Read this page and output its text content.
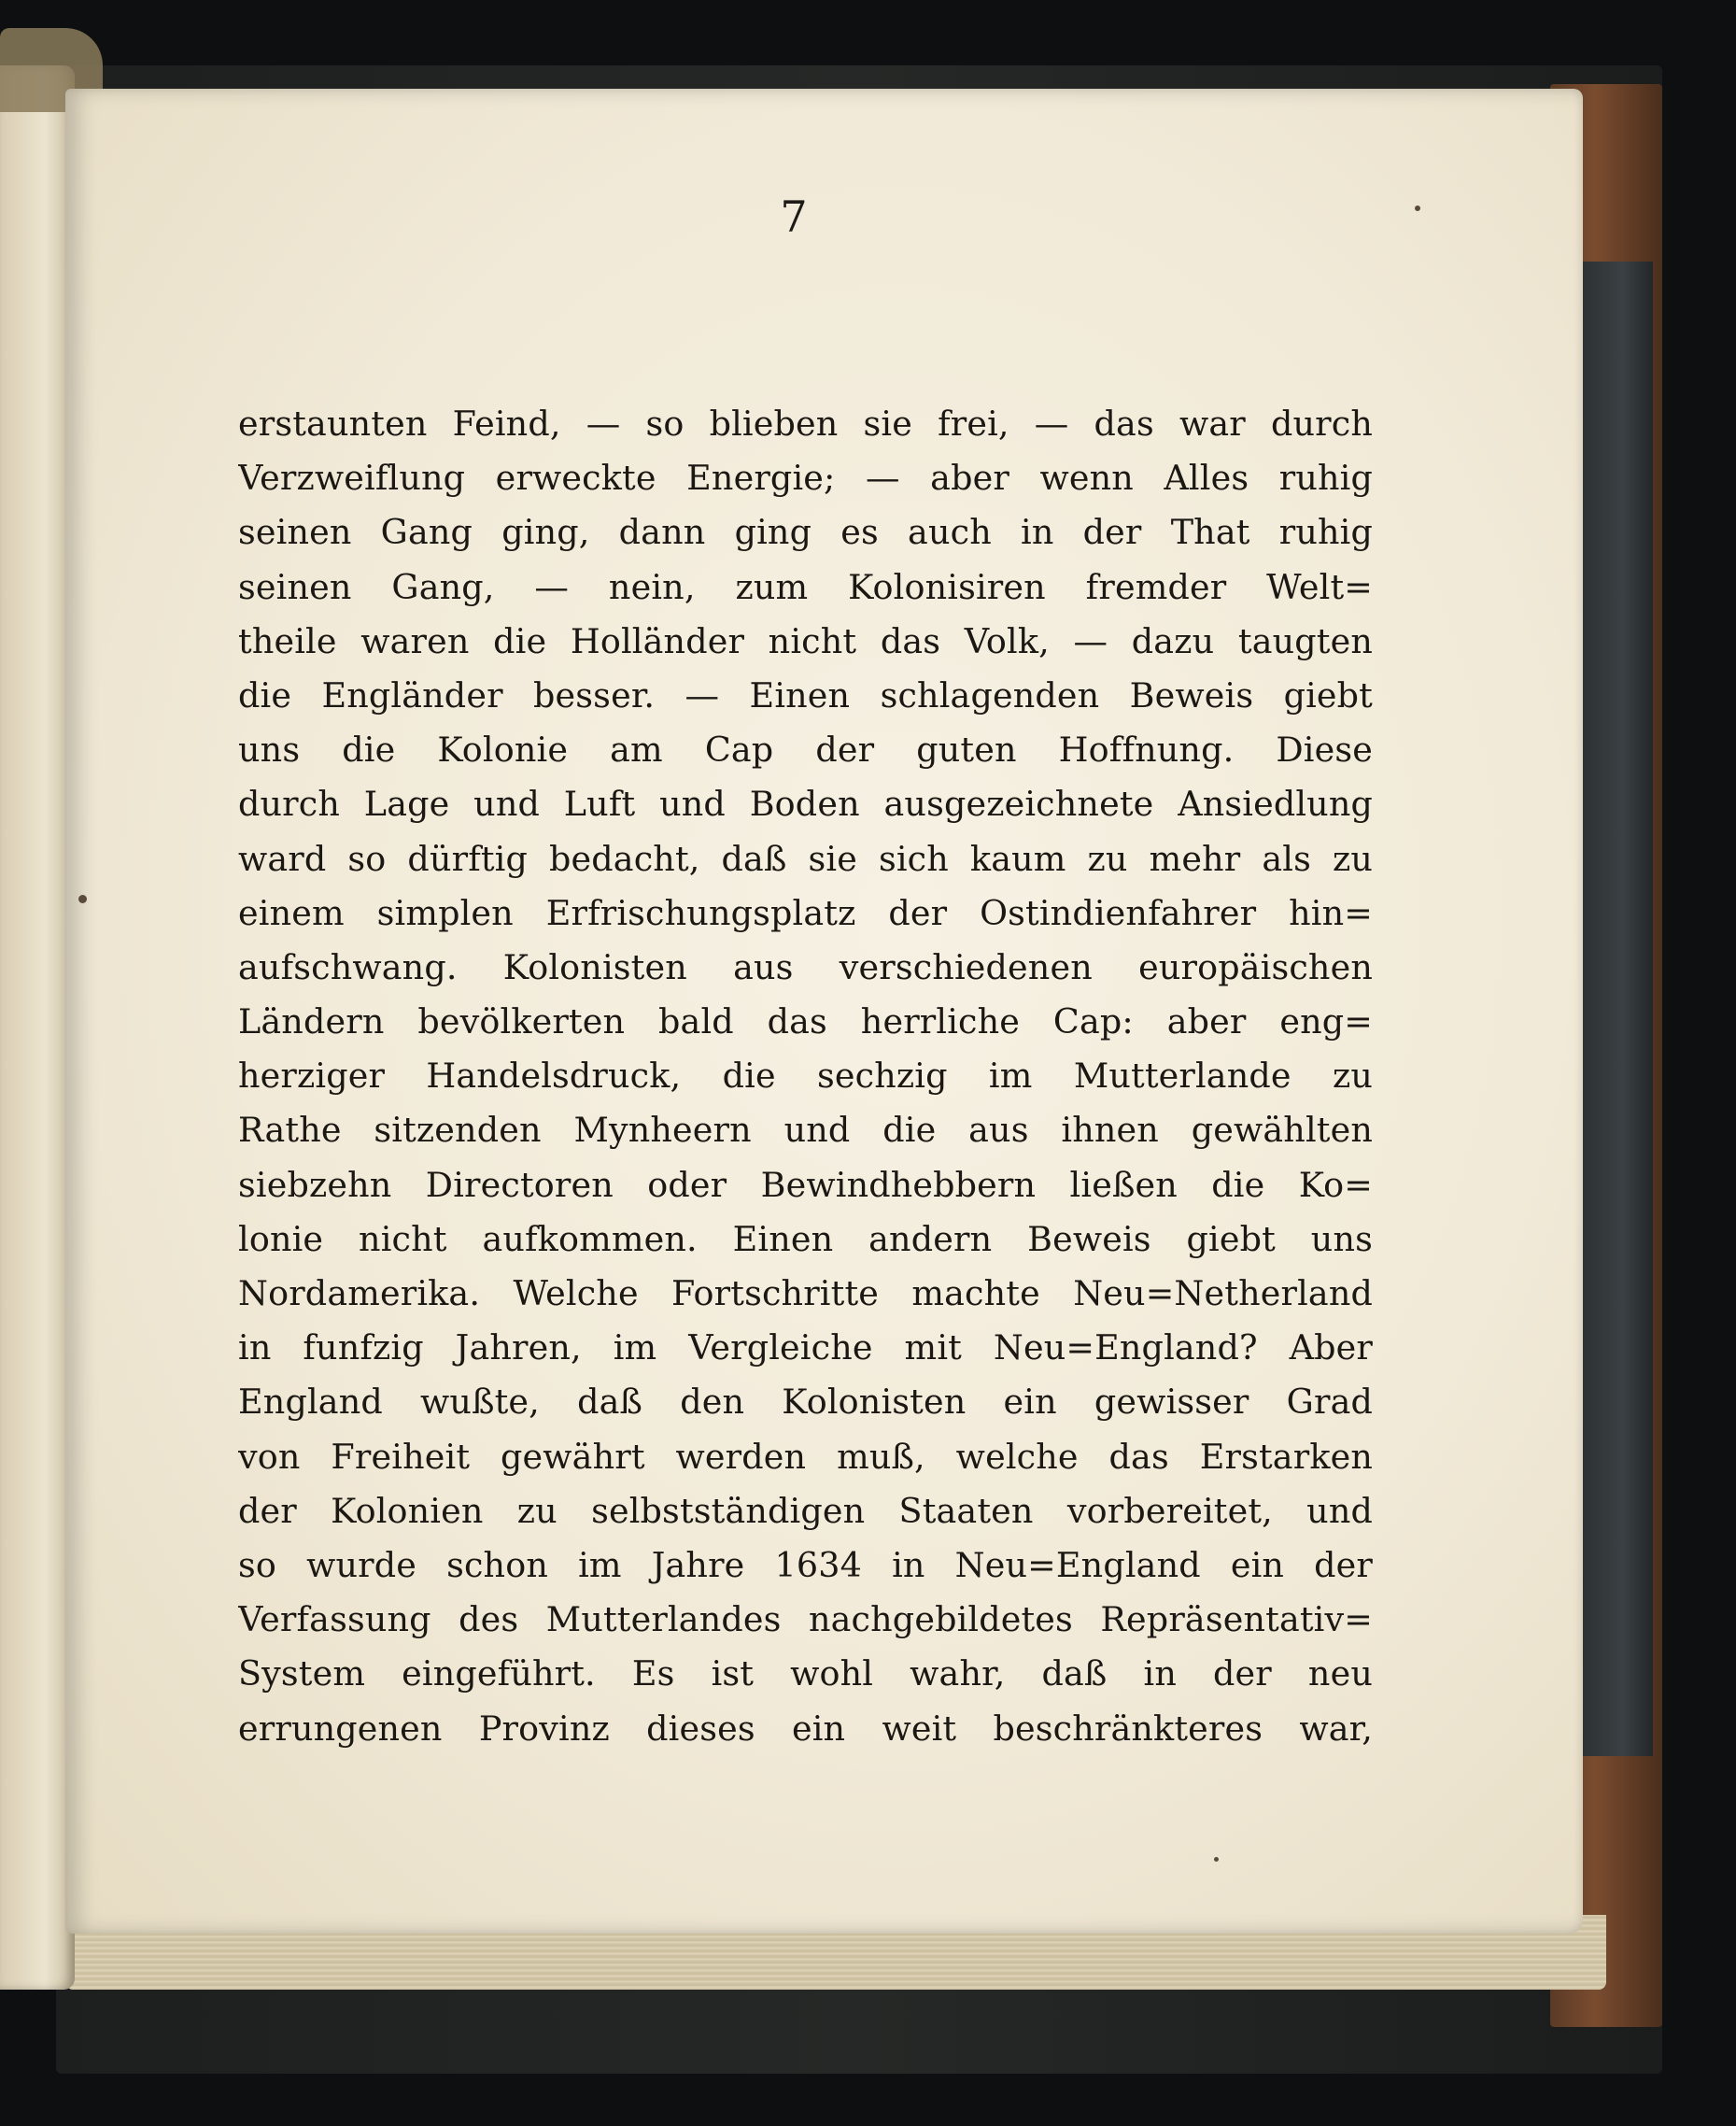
7
erstaunten Feind, — so blieben sie frei, — das war durch
Verzweiflung erweckte Energie; — aber wenn Alles ruhig
seinen Gang ging, dann ging es auch in der That ruhig
seinen Gang, — nein, zum Kolonisiren fremder Welt=
theile waren die Holländer nicht das Volk, — dazu taugten
die Engländer besser. — Einen schlagenden Beweis giebt
uns die Kolonie am Cap der guten Hoffnung. Diese
durch Lage und Luft und Boden ausgezeichnete Ansiedlung
ward so dürftig bedacht, daß sie sich kaum zu mehr als zu
einem simplen Erfrischungsplatz der Ostindienfahrer hin=
aufschwang. Kolonisten aus verschiedenen europäischen
Ländern bevölkerten bald das herrliche Cap: aber eng=
herziger Handelsdruck, die sechzig im Mutterlande zu
Rathe sitzenden Mynheern und die aus ihnen gewählten
siebzehn Directoren oder Bewindhebbern ließen die Ko=
lonie nicht aufkommen. Einen andern Beweis giebt uns
Nordamerika. Welche Fortschritte machte Neu=Netherland
in funfzig Jahren, im Vergleiche mit Neu=England? Aber
England wußte, daß den Kolonisten ein gewisser Grad
von Freiheit gewährt werden muß, welche das Erstarken
der Kolonien zu selbstständigen Staaten vorbereitet, und
so wurde schon im Jahre 1634 in Neu=England ein der
Verfassung des Mutterlandes nachgebildetes Repräsentativ=
System eingeführt. Es ist wohl wahr, daß in der neu
errungenen Provinz dieses ein weit beschränkteres war,
